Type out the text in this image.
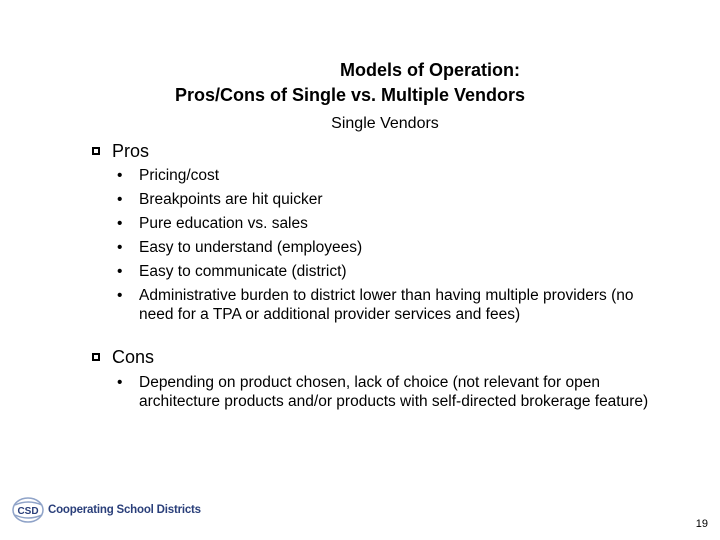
Models of Operation:
Pros/Cons of Single vs. Multiple Vendors
Single Vendors
Pros
• Pricing/cost
• Breakpoints are hit quicker
• Pure education vs. sales
• Easy to understand (employees)
• Easy to communicate (district)
• Administrative burden to district lower than having multiple providers (no need for a TPA or additional provider services and fees)
Cons
• Depending on product chosen, lack of choice (not relevant for open architecture products and/or products with self-directed brokerage feature)
CSD Cooperating School Districts
19
